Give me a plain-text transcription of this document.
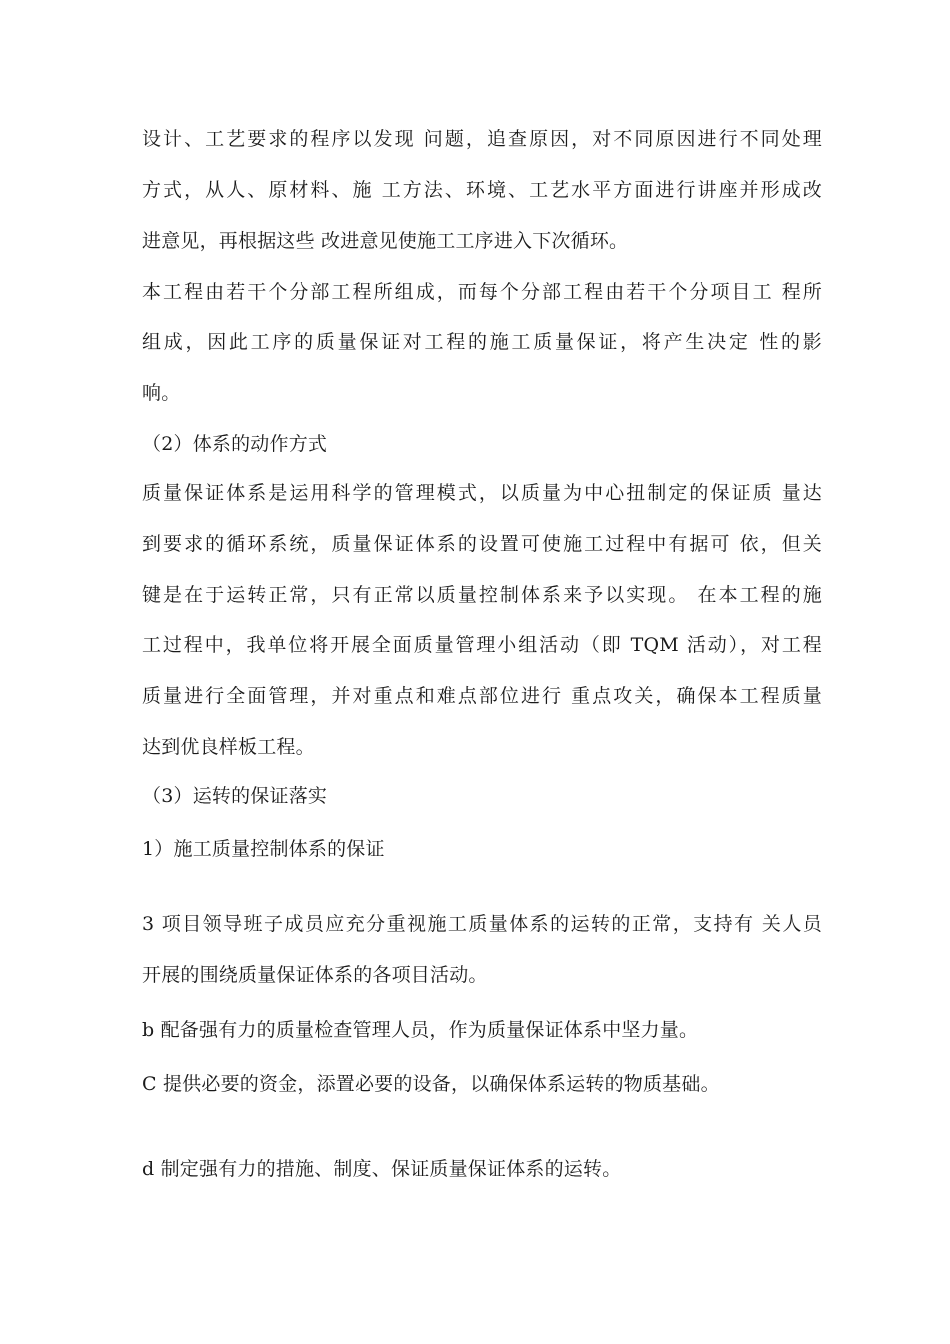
设计、工艺要求的程序以发现 问题，追查原因，对不同原因进行不同处理
方式，从人、原材料、施 工方法、环境、工艺水平方面进行讲座并形成改
进意见，再根据这些 改进意见使施工工序进入下次循环。
本工程由若干个分部工程所组成，而每个分部工程由若干个分项目工 程所
组成，因此工序的质量保证对工程的施工质量保证，将产生决定 性的影
响。
（2）体系的动作方式
质量保证体系是运用科学的管理模式，以质量为中心扭制定的保证质 量达
到要求的循环系统，质量保证体系的设置可使施工过程中有据可 依，但关
键是在于运转正常，只有正常以质量控制体系来予以实现。 在本工程的施
工过程中，我单位将开展全面质量管理小组活动（即 TQM 活动），对工程
质量进行全面管理，并对重点和难点部位进行 重点攻关，确保本工程质量
达到优良样板工程。
（3）运转的保证落实
1）施工质量控制体系的保证
3 项目领导班子成员应充分重视施工质量体系的运转的正常，支持有 关人员
开展的围绕质量保证体系的各项目活动。
b 配备强有力的质量检查管理人员，作为质量保证体系中坚力量。
C 提供必要的资金，添置必要的设备，以确保体系运转的物质基础。
d 制定强有力的措施、制度、保证质量保证体系的运转。
